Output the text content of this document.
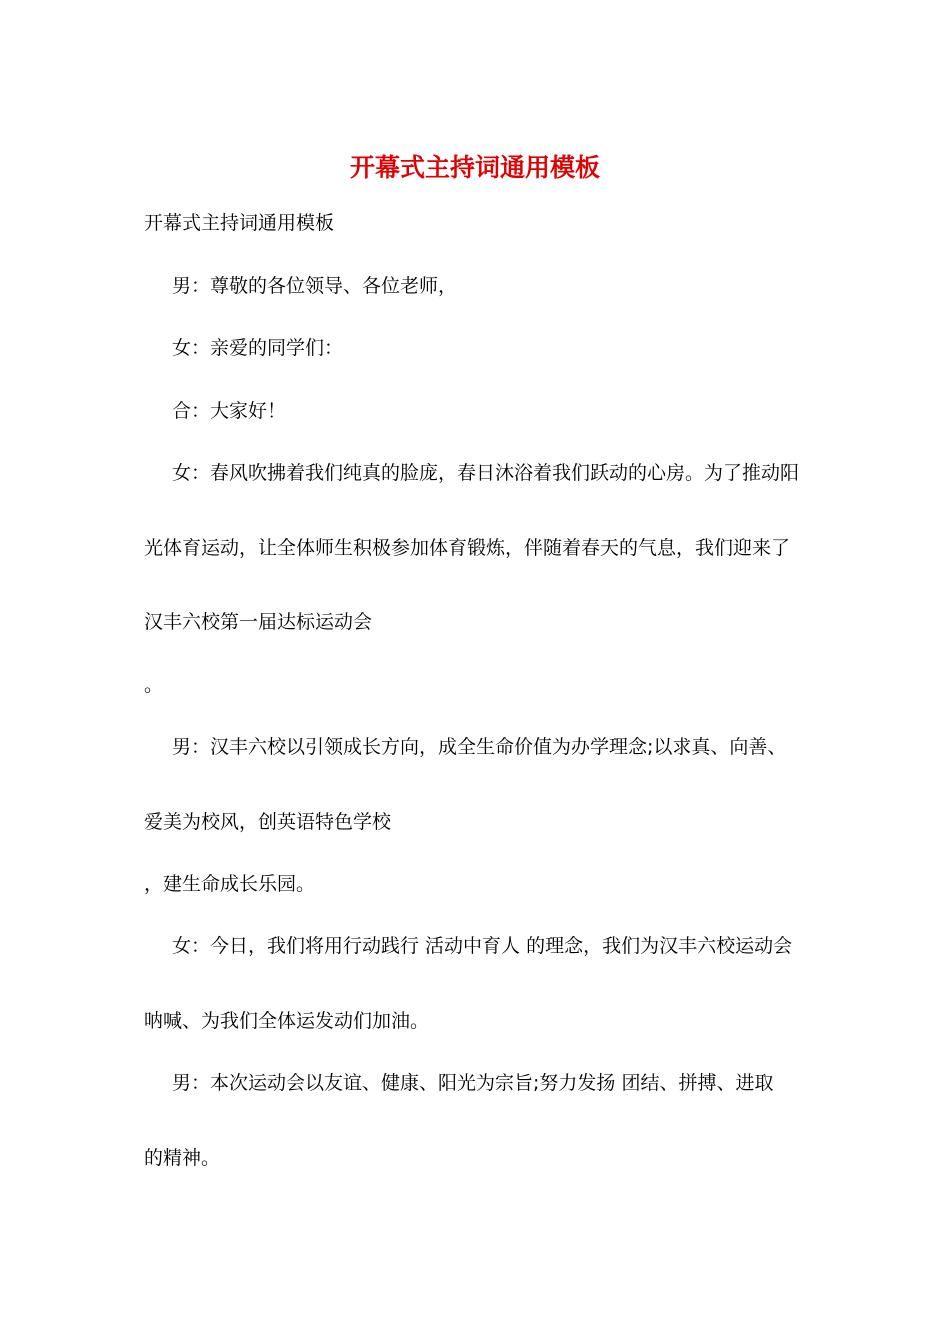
开幕式主持词通用模板

开幕式主持词通用模板

男：尊敬的各位领导、各位老师，

女：亲爱的同学们：

合：大家好！

女：春风吹拂着我们纯真的脸庞，春日沐浴着我们跃动的心房。为了推动阳

光体育运动，让全体师生积极参加体育锻炼，伴随着春天的气息，我们迎来了

汉丰六校第一届达标运动会

。

男：汉丰六校以引领成长方向，成全生命价值为办学理念;以求真、向善、

爱美为校风，创英语特色学校

，建生命成长乐园。

女：今日，我们将用行动践行 活动中育人 的理念，我们为汉丰六校运动会

呐喊、为我们全体运发动们加油。

男：本次运动会以友谊、健康、阳光为宗旨;努力发扬 团结、拼搏、进取

的精神。
